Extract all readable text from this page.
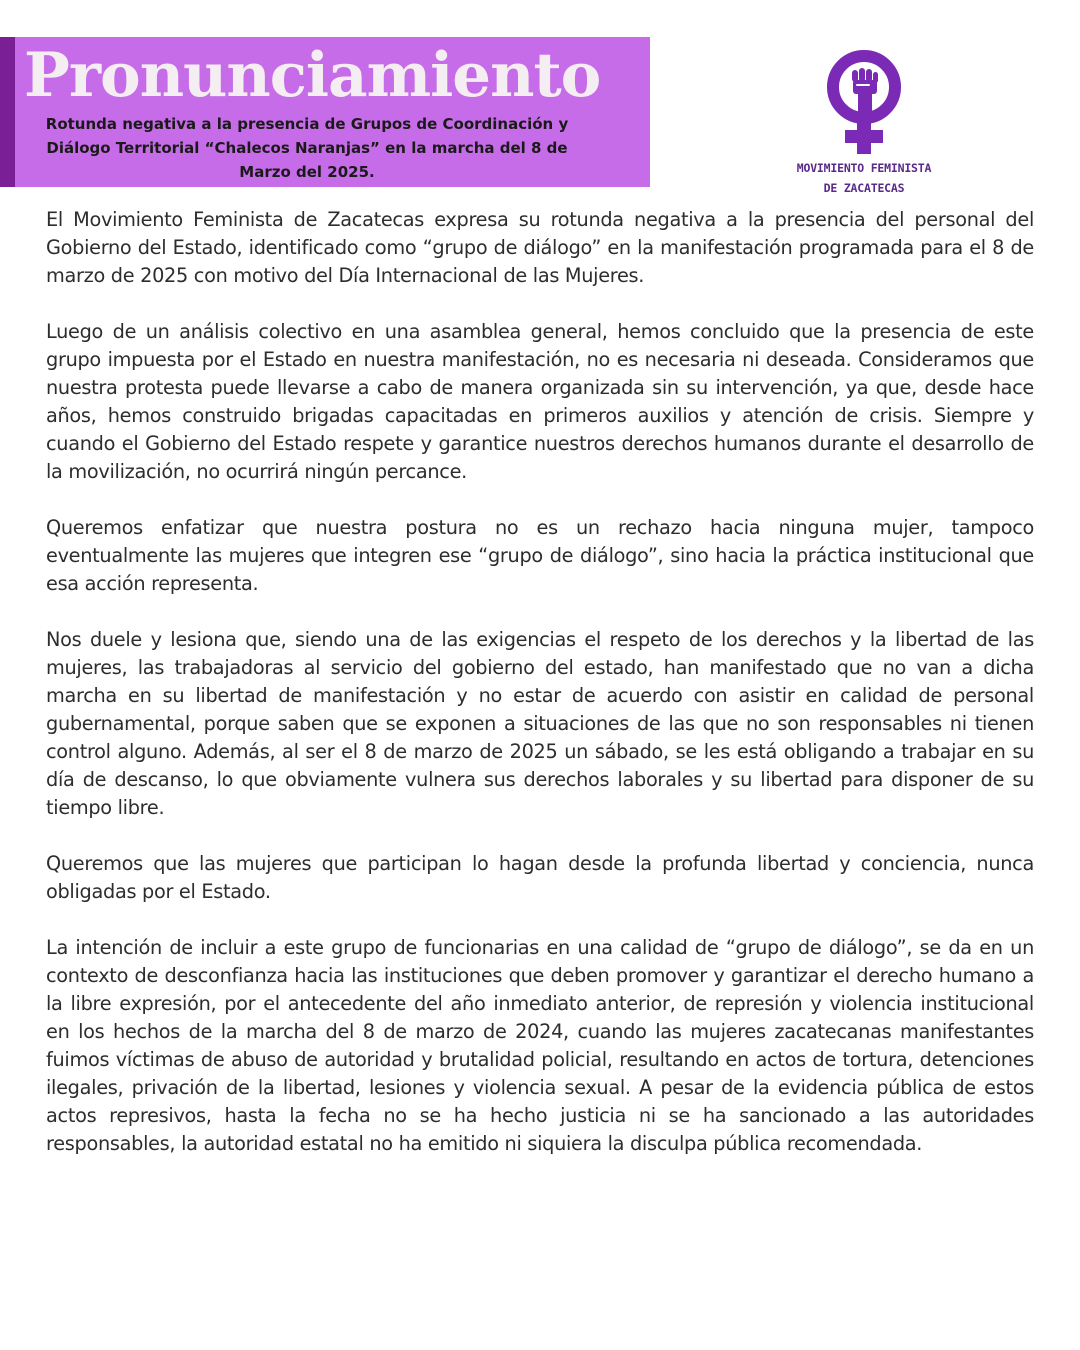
Pronunciamiento
Rotunda negativa a la presencia de Grupos de Coordinación y Diálogo Territorial “Chalecos Naranjas” en la marcha del 8 de Marzo del 2025.	MOVIMIENTO FEMINISTA
DE ZACATECAS

El Movimiento Feminista de Zacatecas expresa su rotunda negativa a la presencia del personal del Gobierno del Estado, identificado como “grupo de diálogo” en la manifestación programada para el 8 de marzo de 2025 con motivo del Día Internacional de las Mujeres.

Luego de un análisis colectivo en una asamblea general, hemos concluido que la presencia de este grupo impuesta por el Estado en nuestra manifestación, no es necesaria ni deseada. Consideramos que nuestra protesta puede llevarse a cabo de manera organizada sin su intervención, ya que, desde hace años, hemos construido brigadas capacitadas en primeros auxilios y atención de crisis. Siempre y cuando el Gobierno del Estado respete y garantice nuestros derechos humanos durante el desarrollo de la movilización, no ocurrirá ningún percance.

Queremos enfatizar que nuestra postura no es un rechazo hacia ninguna mujer, tampoco eventualmente las mujeres que integren ese “grupo de diálogo”, sino hacia la práctica institucional que esa acción representa.

Nos duele y lesiona que, siendo una de las exigencias el respeto de los derechos y la libertad de las mujeres, las trabajadoras al servicio del gobierno del estado, han manifestado que no van a dicha marcha en su libertad de manifestación y no estar de acuerdo con asistir en calidad de personal gubernamental, porque saben que se exponen a situaciones de las que no son responsables ni tienen control alguno. Además, al ser el 8 de marzo de 2025 un sábado, se les está obligando a trabajar en su día de descanso, lo que obviamente vulnera sus derechos laborales y su libertad para disponer de su tiempo libre.

Queremos que las mujeres que participan lo hagan desde la profunda libertad y conciencia, nunca obligadas por el Estado.

La intención de incluir a este grupo de funcionarias en una calidad de “grupo de diálogo”, se da en un contexto de desconfianza hacia las instituciones que deben promover y garantizar el derecho humano a la libre expresión, por el antecedente del año inmediato anterior, de represión y violencia institucional en los hechos de la marcha del 8 de marzo de 2024, cuando las mujeres zacatecanas manifestantes fuimos víctimas de abuso de autoridad y brutalidad policial, resultando en actos de tortura, detenciones ilegales, privación de la libertad, lesiones y violencia sexual. A pesar de la evidencia pública de estos actos represivos, hasta la fecha no se ha hecho justicia ni se ha sancionado a las autoridades responsables, la autoridad estatal no ha emitido ni siquiera la disculpa pública recomendada.
